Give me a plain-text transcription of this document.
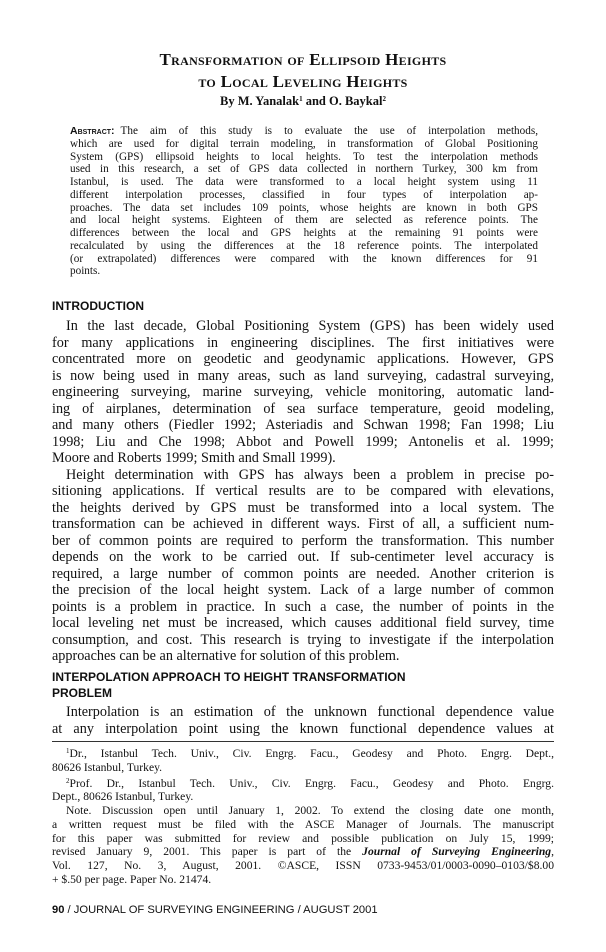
Transformation of Ellipsoid Heights
to Local Leveling Heights
By M. Yanalak$^1$ and O. Baykal$^2$
Abstract: The aim of this study is to evaluate the use of interpolation methods,
which are used for digital terrain modeling, in transformation of Global Positioning
System (GPS) ellipsoid heights to local heights. To test the interpolation methods
used in this research, a set of GPS data collected in northern Turkey, 300 km from
Istanbul, is used. The data were transformed to a local height system using 11
different interpolation processes, classified in four types of interpolation ap-
proaches. The data set includes 109 points, whose heights are known in both GPS
and local height systems. Eighteen of them are selected as reference points. The
differences between the local and GPS heights at the remaining 91 points were
recalculated by using the differences at the 18 reference points. The interpolated
(or extrapolated) differences were compared with the known differences for 91
points.
INTRODUCTION
In the last decade, Global Positioning System (GPS) has been widely used
for many applications in engineering disciplines. The first initiatives were
concentrated more on geodetic and geodynamic applications. However, GPS
is now being used in many areas, such as land surveying, cadastral surveying,
engineering surveying, marine surveying, vehicle monitoring, automatic land-
ing of airplanes, determination of sea surface temperature, geoid modeling,
and many others (Fiedler 1992; Asteriadis and Schwan 1998; Fan 1998; Liu
1998; Liu and Che 1998; Abbot and Powell 1999; Antonelis et al. 1999;
Moore and Roberts 1999; Smith and Small 1999).
Height determination with GPS has always been a problem in precise po-
sitioning applications. If vertical results are to be compared with elevations,
the heights derived by GPS must be transformed into a local system. The
transformation can be achieved in different ways. First of all, a sufficient num-
ber of common points are required to perform the transformation. This number
depends on the work to be carried out. If sub-centimeter level accuracy is
required, a large number of common points are needed. Another criterion is
the precision of the local height system. Lack of a large number of common
points is a problem in practice. In such a case, the number of points in the
local leveling net must be increased, which causes additional field survey, time
consumption, and cost. This research is trying to investigate if the interpolation
approaches can be an alternative for solution of this problem.
INTERPOLATION APPROACH TO HEIGHT TRANSFORMATION
PROBLEM
Interpolation is an estimation of the unknown functional dependence value
at any interpolation point using the known functional dependence values at
$^1$Dr., Istanbul Tech. Univ., Civ. Engrg. Facu., Geodesy and Photo. Engrg. Dept.,
80626 Istanbul, Turkey.
$^2$Prof. Dr., Istanbul Tech. Univ., Civ. Engrg. Facu., Geodesy and Photo. Engrg.
Dept., 80626 Istanbul, Turkey.
Note. Discussion open until January 1, 2002. To extend the closing date one month,
a written request must be filed with the ASCE Manager of Journals. The manuscript
for this paper was submitted for review and possible publication on July 15, 1999;
revised January 9, 2001. This paper is part of the Journal of Surveying Engineering,
Vol. 127, No. 3, August, 2001. ©ASCE, ISSN 0733-9453/01/0003-0090–0103/$8.00
+ $.50 per page. Paper No. 21474.
90 / JOURNAL OF SURVEYING ENGINEERING / AUGUST 2001
